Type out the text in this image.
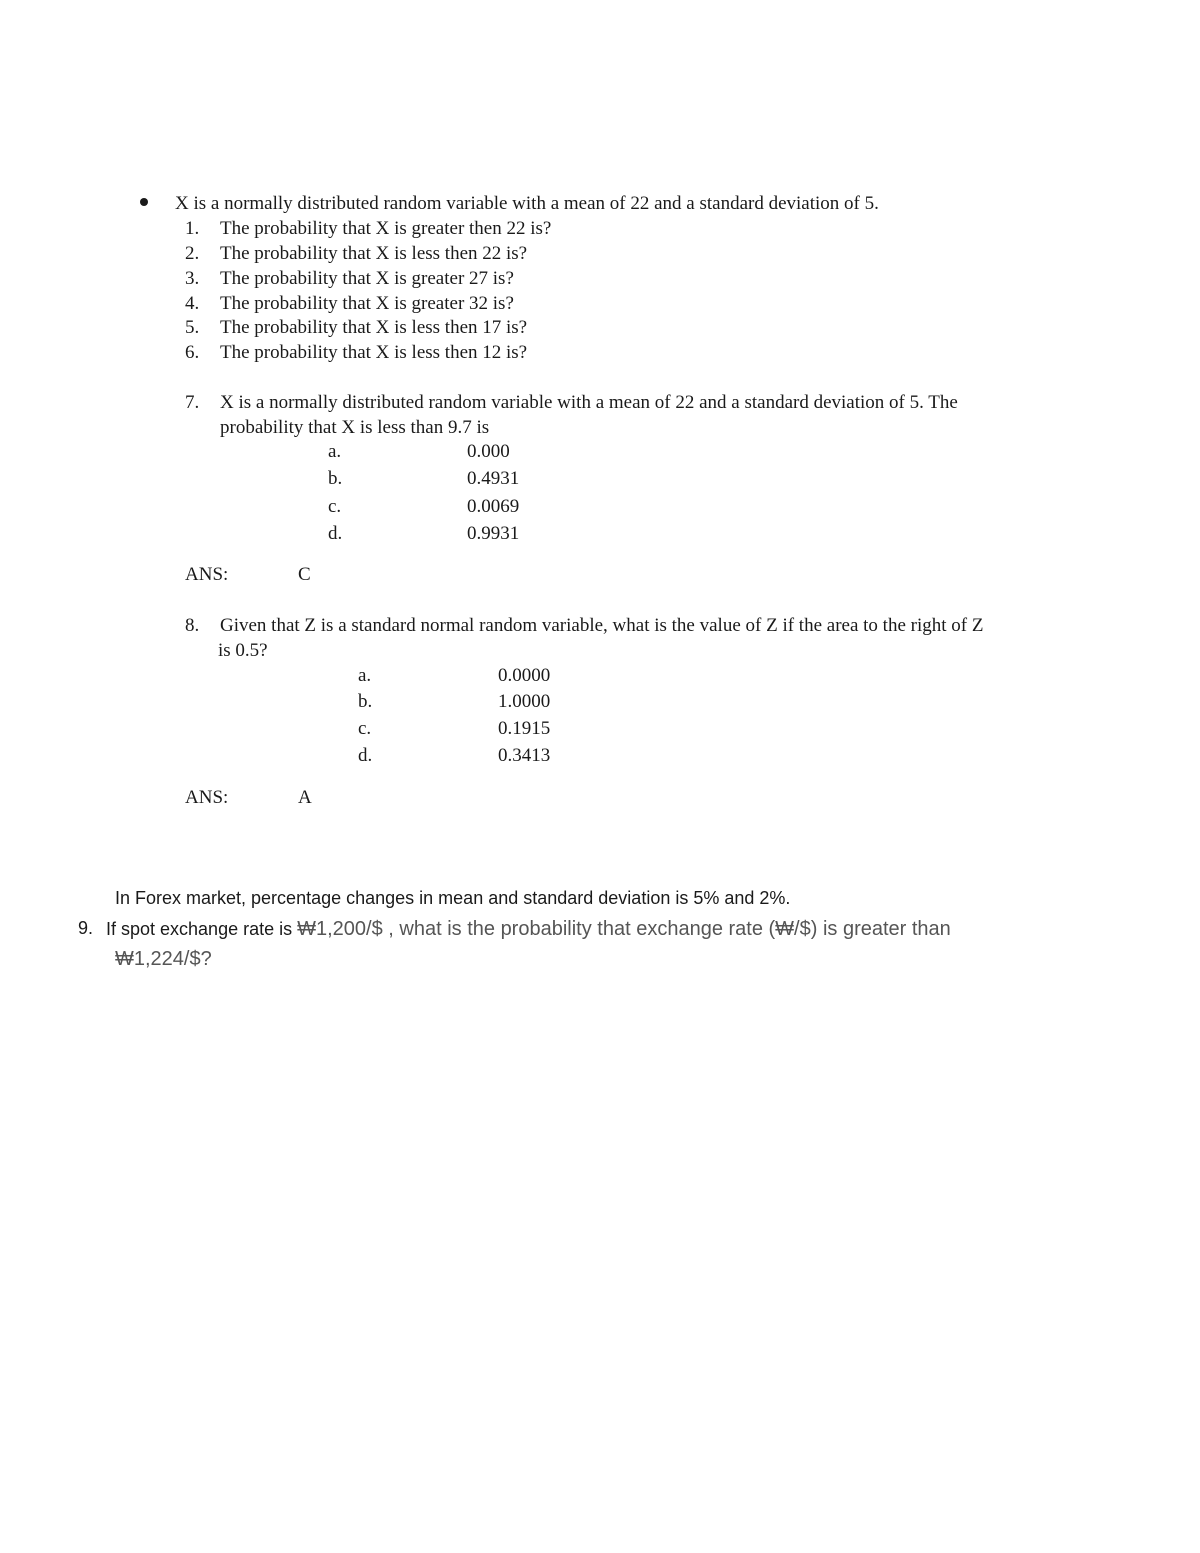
X is a normally distributed random variable with a mean of 22 and a standard deviation of 5.
1. The probability that X is greater then 22 is?
2. The probability that X is less then 22 is?
3. The probability that X is greater 27 is?
4. The probability that X is greater 32 is?
5. The probability that X is less then 17 is?
6. The probability that X is less then 12 is?
7. X is a normally distributed random variable with a mean of 22 and a standard deviation of 5. The
probability that X is less than 9.7 is
a.	0.000
b.	0.4931
c.	0.0069
d.	0.9931
ANS:	C
8. Given that Z is a standard normal random variable, what is the value of Z if the area to the right of Z
is 0.5?
a.	0.0000
b.	1.0000
c.	0.1915
d.	0.3413
ANS:	A
In Forex market, percentage changes in mean and standard deviation is 5% and 2%.
9. If spot exchange rate is ₩1,200/$ , what is the probability that exchange rate (₩/$) is greater than
₩1,224/$?
